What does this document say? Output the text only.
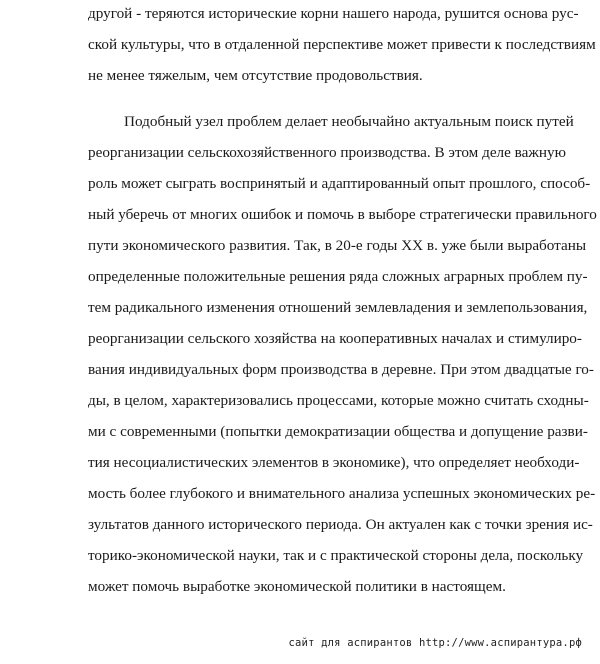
другой - теряются исторические корни нашего народа, рушится основа рус-
ской культуры, что в отдаленной перспективе может привести к последствиям
не менее тяжелым, чем отсутствие продовольствия.
Подобный узел проблем делает необычайно актуальным поиск путей
реорганизации сельскохозяйственного производства. В этом деле важную
роль может сыграть воспринятый и адаптированный опыт прошлого, способ-
ный уберечь от многих ошибок и помочь в выборе стратегически правильного
пути экономического развития. Так, в 20-е годы XX в. уже были выработаны
определенные положительные решения ряда сложных аграрных проблем пу-
тем радикального изменения отношений землевладения и землепользования,
реорганизации сельского хозяйства на кооперативных началах и стимулиро-
вания индивидуальных форм производства в деревне. При этом двадцатые го-
ды, в целом, характеризовались процессами, которые можно считать сходны-
ми с современными (попытки демократизации общества и допущение разви-
тия несоциалистических элементов в экономике), что определяет необходи-
мость более глубокого и внимательного анализа успешных экономических ре-
зультатов данного исторического периода. Он актуален как с точки зрения ис-
торико-экономической науки, так и с практической стороны дела, поскольку
может помочь выработке экономической политики в настоящем.
сайт для аспирантов http://www.аспирантура.рф
